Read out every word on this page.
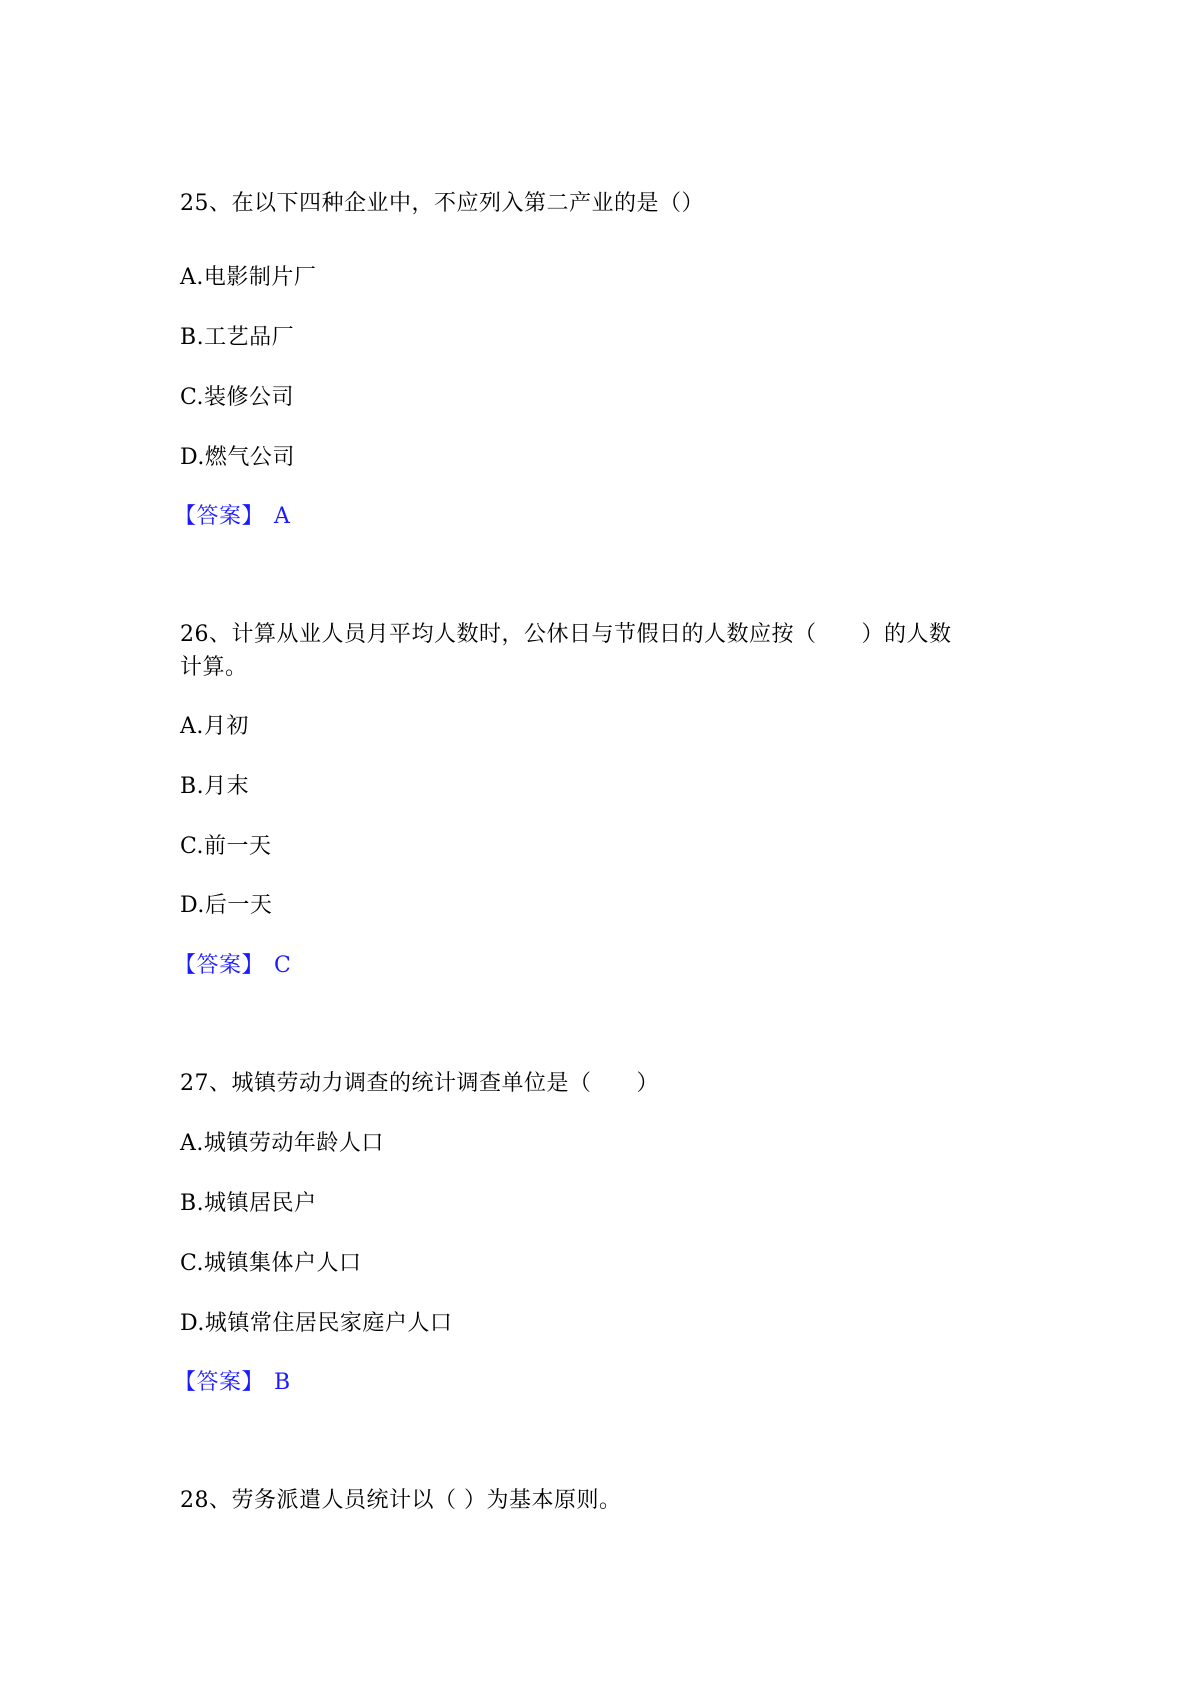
25、在以下四种企业中，不应列入第二产业的是（）
A.电影制片厂
B.工艺品厂
C.装修公司
D.燃气公司
【答案】 A
26、计算从业人员月平均人数时，公休日与节假日的人数应按（　　）的人数
计算。
A.月初
B.月末
C.前一天
D.后一天
【答案】 C
27、城镇劳动力调查的统计调查单位是（　　）
A.城镇劳动年龄人口
B.城镇居民户
C.城镇集体户人口
D.城镇常住居民家庭户人口
【答案】 B
28、劳务派遣人员统计以（ ）为基本原则。
